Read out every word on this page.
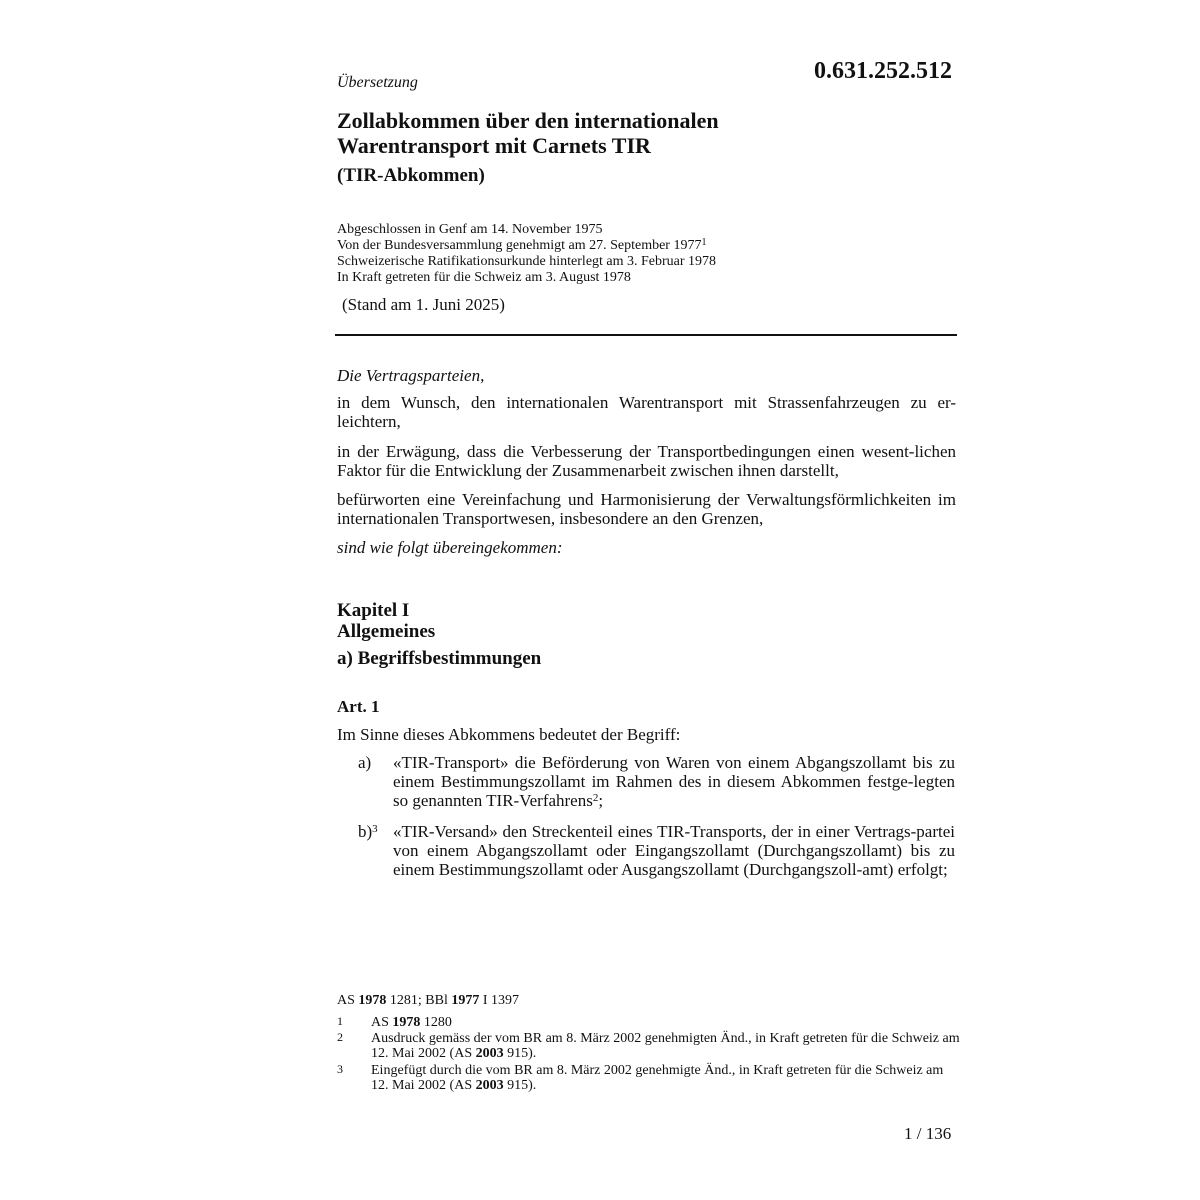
0.631.252.512
Übersetzung
Zollabkommen über den internationalen
Warentransport mit Carnets TIR
(TIR-Abkommen)
Abgeschlossen in Genf am 14. November 1975
Von der Bundesversammlung genehmigt am 27. September 1977$^1$
Schweizerische Ratifikationsurkunde hinterlegt am 3. Februar 1978
In Kraft getreten für die Schweiz am 3. August 1978
(Stand am 1. Juni 2025)
Die Vertragsparteien,
in dem Wunsch, den internationalen Warentransport mit Strassenfahrzeugen zu er-leichtern,
in der Erwägung, dass die Verbesserung der Transportbedingungen einen wesent-lichen Faktor für die Entwicklung der Zusammenarbeit zwischen ihnen darstellt,
befürworten eine Vereinfachung und Harmonisierung der Verwaltungsförmlichkeiten im internationalen Transportwesen, insbesondere an den Grenzen,
sind wie folgt übereingekommen:
Kapitel I
Allgemeines
a) Begriffsbestimmungen
Art. 1
Im Sinne dieses Abkommens bedeutet der Begriff:
a) «TIR-Transport» die Beförderung von Waren von einem Abgangszollamt bis zu einem Bestimmungszollamt im Rahmen des in diesem Abkommen festge-legten so genannten TIR-Verfahrens$^2$;
b)$^3$ «TIR-Versand» den Streckenteil eines TIR-Transports, der in einer Vertrags-partei von einem Abgangszollamt oder Eingangszollamt (Durchgangszollamt) bis zu einem Bestimmungszollamt oder Ausgangszollamt (Durchgangszoll-amt) erfolgt;
AS 1978 1281; BBl 1977 I 1397
1 AS 1978 1280
2 Ausdruck gemäss der vom BR am 8. März 2002 genehmigten Änd., in Kraft getreten für die Schweiz am 12. Mai 2002 (AS 2003 915).
3 Eingefügt durch die vom BR am 8. März 2002 genehmigte Änd., in Kraft getreten für die Schweiz am 12. Mai 2002 (AS 2003 915).
1 / 136
